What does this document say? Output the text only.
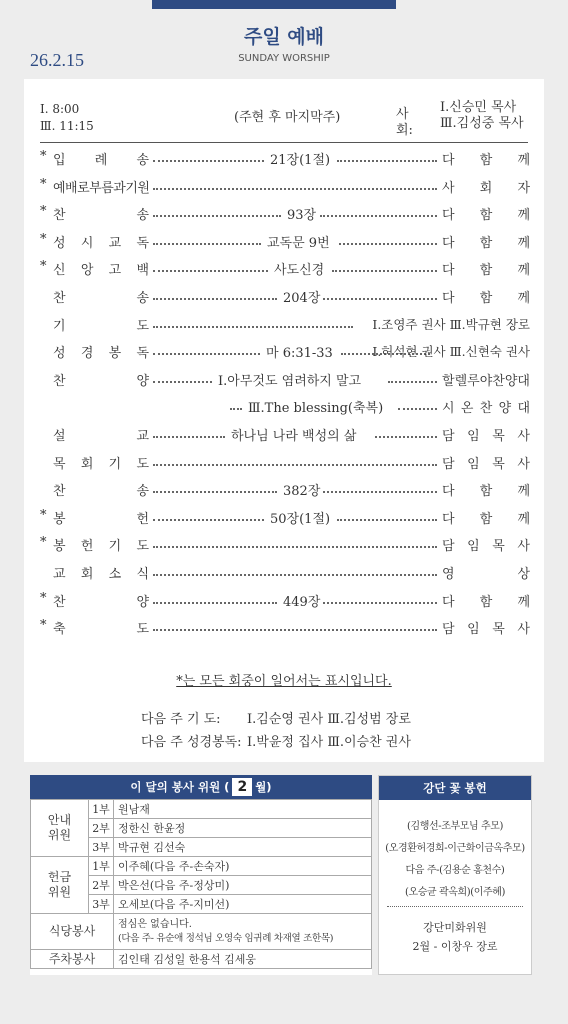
주일 예배
SUNDAY WORSHIP
26.2.15
Ⅰ. 8:00
Ⅲ. 11:15
(주현 후 마지막주)	사회:
Ⅰ.신승민 목사
Ⅲ.김성중 목사
* 입 례 송	21장(1절)	다 함 께
* 예배로부름과기원	사 회 자
* 찬	송	93장	다 함 께
* 성 시 교 독	교독문 9번	다 함 께
* 신 앙 고 백	사도신경	다 함 께
찬	송	204장	다 함 께
기	도	Ⅰ.조영주 권사 Ⅲ.박규현 장로
성 경 봉 독	마 6:31-33	Ⅰ.허석현 권사 Ⅲ.신현숙 권사
찬	양	Ⅰ.아무것도 염려하지 말고	할 렐 루 야 찬 양 대
Ⅲ.The blessing(축복)	시 온 찬 양 대
설	교	하나님 나라 백성의 삶	담 임 목 사
목 회 기 도	담 임 목 사
찬	송	382장	다 함 께
* 봉	헌	50장(1절)	다 함 께
* 봉 헌 기 도	담 임 목 사
교 회 소 식	영	상
* 찬	양	449장	다 함 께
* 축	도	담 임 목 사
*는 모든 회중이 일어서는 표시입니다.
다음 주 기 도: Ⅰ.김순영 권사 Ⅲ.김성범 장로
다음 주 성경봉독: Ⅰ.박윤정 집사 Ⅲ.이승찬 권사
이 달의 봉사 위원 ( 2 월)
안내
위원	1부	원남재
	2부	정한신 한윤정
	3부	박규현 김선숙
헌금
위원	1부	이주혜(다음 주-손숙자)
	2부	박은선(다음 주-정상미)
	3부	오세보(다음 주-지미선)
식당봉사		점심은 없습니다.
(다음 주- 유순애 정석님 오영숙 임귀례 차재열 조한목)

주차봉사		김인태 김성일 한용석 김세웅
강단 꽃 봉헌
(김행선-조부모님 추모)
(오경환허경희-이근화이금옥추모)
다음 주-(김용순 홍천수)
(오승균 곽옥희)(이주혜)
강단미화위원
2월 - 이창우 장로
